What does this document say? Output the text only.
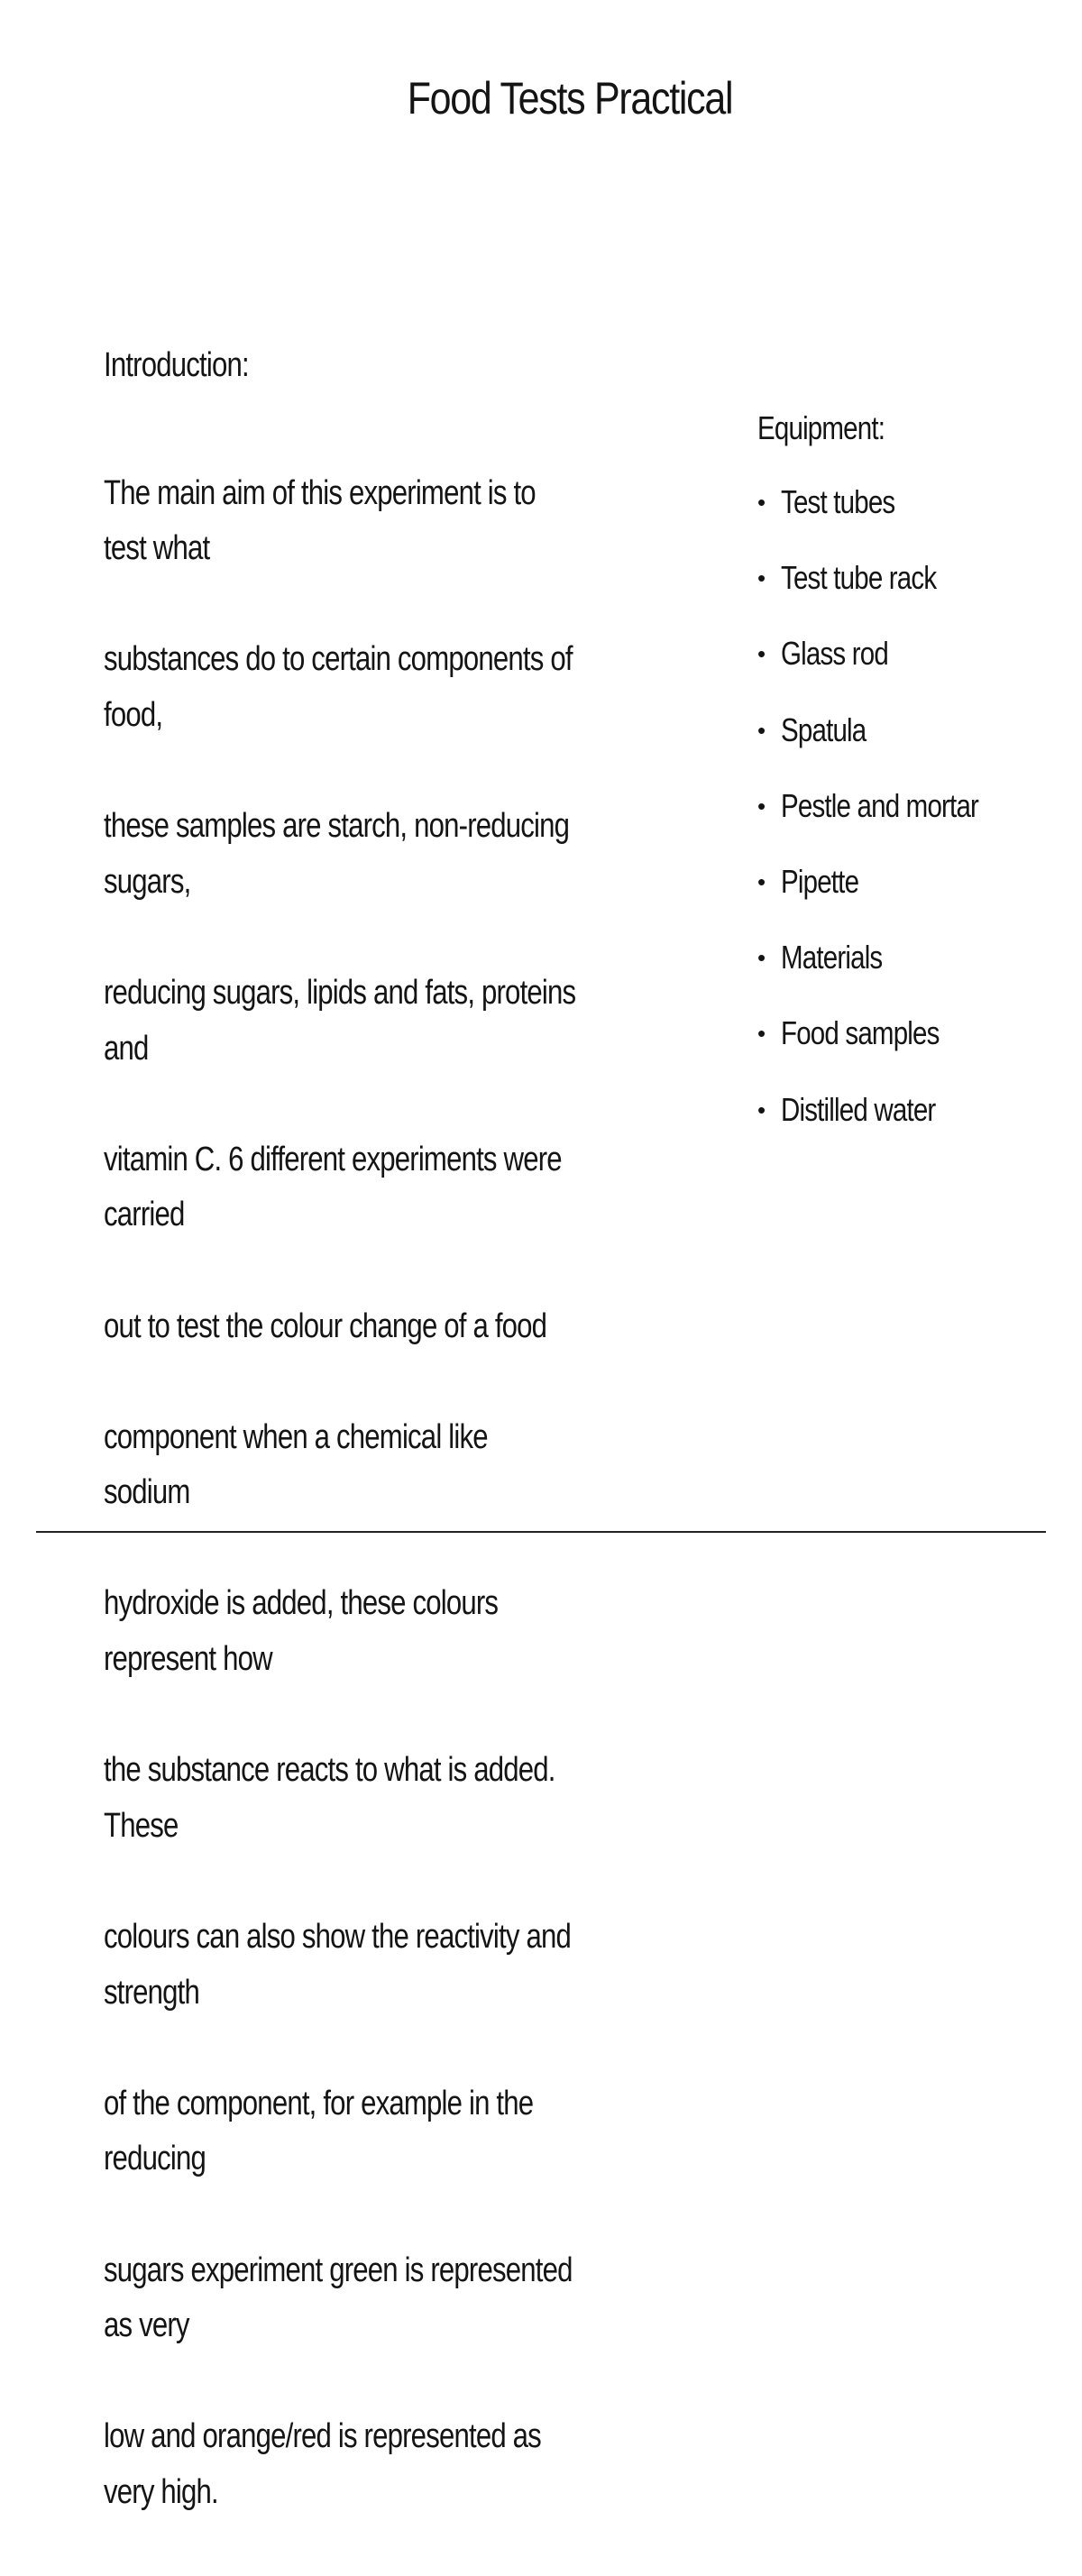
Food Tests Practical
Introduction:

The main aim of this experiment is to test what

substances do to certain components of food,

these samples are starch, non-reducing sugars,

reducing sugars, lipids and fats, proteins and

vitamin C. 6 different experiments were carried

out to test the colour change of a food

component when a chemical like sodium

hydroxide is added, these colours represent how

the substance reacts to what is added. These

colours can also show the reactivity and strength

of the component, for example in the reducing

sugars experiment green is represented as very

low and orange/red is represented as very high.

Equipment:
• Test tubes
• Test tube rack
• Glass rod
• Spatula
• Pestle and mortar
• Pipette
• Materials
• Food samples
• Distilled water
